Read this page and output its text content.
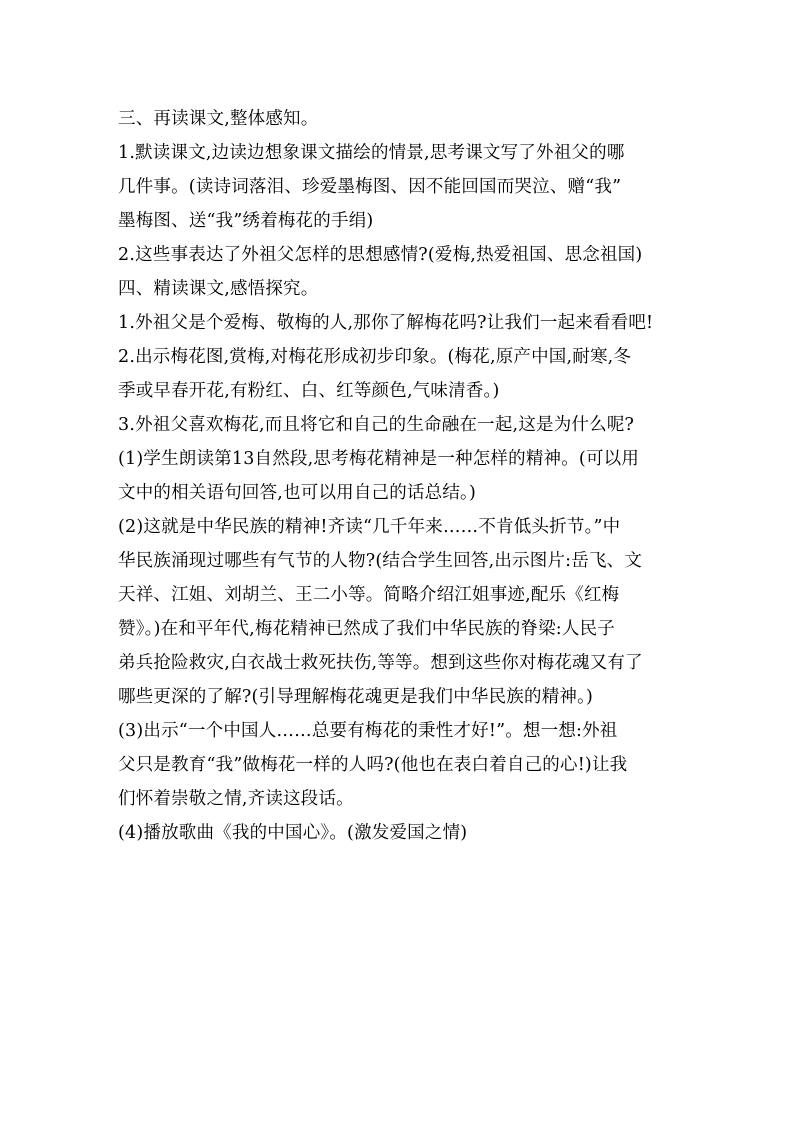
三、再读课文,整体感知。
1.默读课文,边读边想象课文描绘的情景,思考课文写了外祖父的哪
几件事。(读诗词落泪、珍爱墨梅图、因不能回国而哭泣、赠“我”
墨梅图、送“我”绣着梅花的手绢)
2.这些事表达了外祖父怎样的思想感情?(爱梅,热爱祖国、思念祖国)
四、精读课文,感悟探究。
1.外祖父是个爱梅、敬梅的人,那你了解梅花吗?让我们一起来看看吧!
2.出示梅花图,赏梅,对梅花形成初步印象。(梅花,原产中国,耐寒,冬
季或早春开花,有粉红、白、红等颜色,气味清香。)
3.外祖父喜欢梅花,而且将它和自己的生命融在一起,这是为什么呢?
(1)学生朗读第13自然段,思考梅花精神是一种怎样的精神。(可以用
文中的相关语句回答,也可以用自己的话总结。)
(2)这就是中华民族的精神!齐读“几千年来……不肯低头折节。”中
华民族涌现过哪些有气节的人物?(结合学生回答,出示图片:岳飞、文
天祥、江姐、刘胡兰、王二小等。简略介绍江姐事迹,配乐《红梅
赞》。)在和平年代,梅花精神已然成了我们中华民族的脊梁:人民子
弟兵抢险救灾,白衣战士救死扶伤,等等。想到这些你对梅花魂又有了
哪些更深的了解?(引导理解梅花魂更是我们中华民族的精神。)
(3)出示“一个中国人……总要有梅花的秉性才好!”。想一想:外祖
父只是教育“我”做梅花一样的人吗?(他也在表白着自己的心!)让我
们怀着崇敬之情,齐读这段话。
(4)播放歌曲《我的中国心》。(激发爱国之情)
